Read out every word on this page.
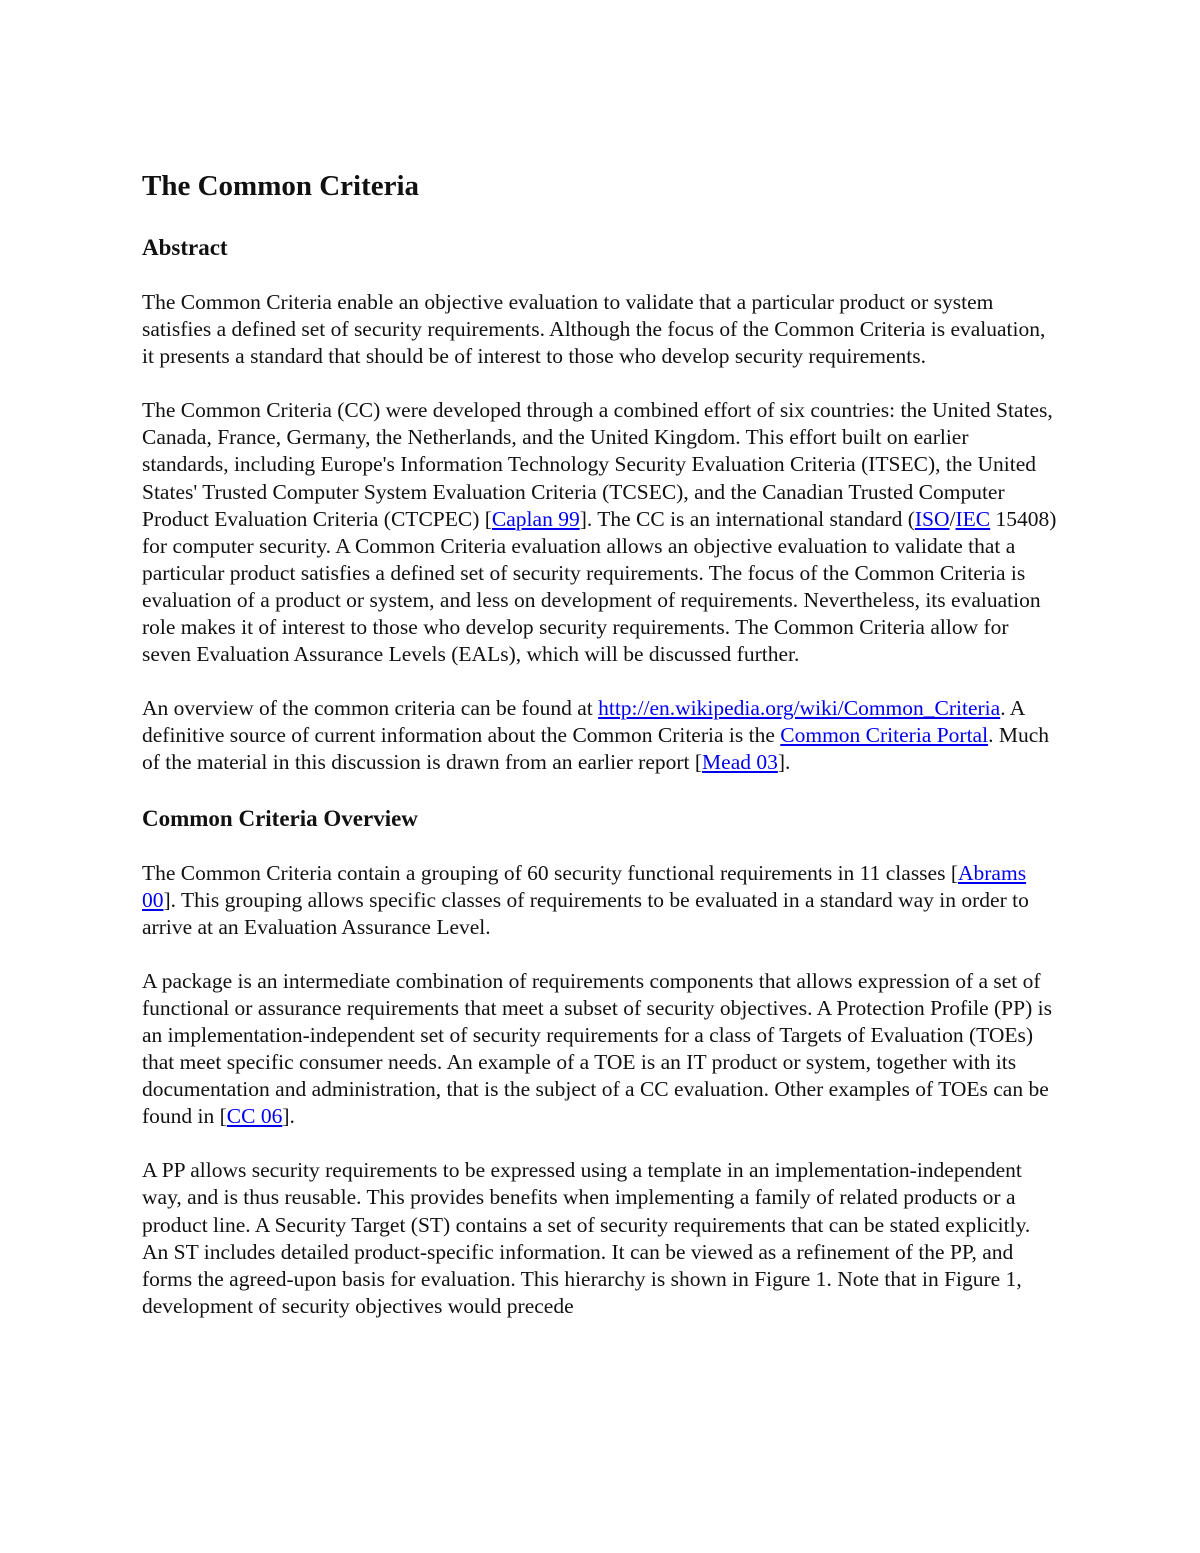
The Common Criteria
Abstract

The Common Criteria enable an objective evaluation to validate that a particular product or system satisfies a defined set of security requirements. Although the focus of the Common Criteria is evaluation, it presents a standard that should be of interest to those who develop security requirements.

The Common Criteria (CC) were developed through a combined effort of six countries: the United States, Canada, France, Germany, the Netherlands, and the United Kingdom. This effort built on earlier standards, including Europe's Information Technology Security Evaluation Criteria (ITSEC), the United States' Trusted Computer System Evaluation Criteria (TCSEC), and the Canadian Trusted Computer Product Evaluation Criteria (CTCPEC) [Caplan 99]. The CC is an international standard (ISO/IEC 15408) for computer security. A Common Criteria evaluation allows an objective evaluation to validate that a particular product satisfies a defined set of security requirements. The focus of the Common Criteria is evaluation of a product or system, and less on development of requirements. Nevertheless, its evaluation role makes it of interest to those who develop security requirements. The Common Criteria allow for seven Evaluation Assurance Levels (EALs), which will be discussed further.

An overview of the common criteria can be found at http://en.wikipedia.org/wiki/Common_Criteria. A definitive source of current information about the Common Criteria is the Common Criteria Portal. Much of the material in this discussion is drawn from an earlier report [Mead 03].

Common Criteria Overview

The Common Criteria contain a grouping of 60 security functional requirements in 11 classes [Abrams 00]. This grouping allows specific classes of requirements to be evaluated in a standard way in order to arrive at an Evaluation Assurance Level.

A package is an intermediate combination of requirements components that allows expression of a set of functional or assurance requirements that meet a subset of security objectives. A Protection Profile (PP) is an implementation-independent set of security requirements for a class of Targets of Evaluation (TOEs) that meet specific consumer needs. An example of a TOE is an IT product or system, together with its documentation and administration, that is the subject of a CC evaluation. Other examples of TOEs can be found in [CC 06].

A PP allows security requirements to be expressed using a template in an implementation-independent way, and is thus reusable. This provides benefits when implementing a family of related products or a product line. A Security Target (ST) contains a set of security requirements that can be stated explicitly. An ST includes detailed product-specific information. It can be viewed as a refinement of the PP, and forms the agreed-upon basis for evaluation. This hierarchy is shown in Figure 1. Note that in Figure 1, development of security objectives would precede
